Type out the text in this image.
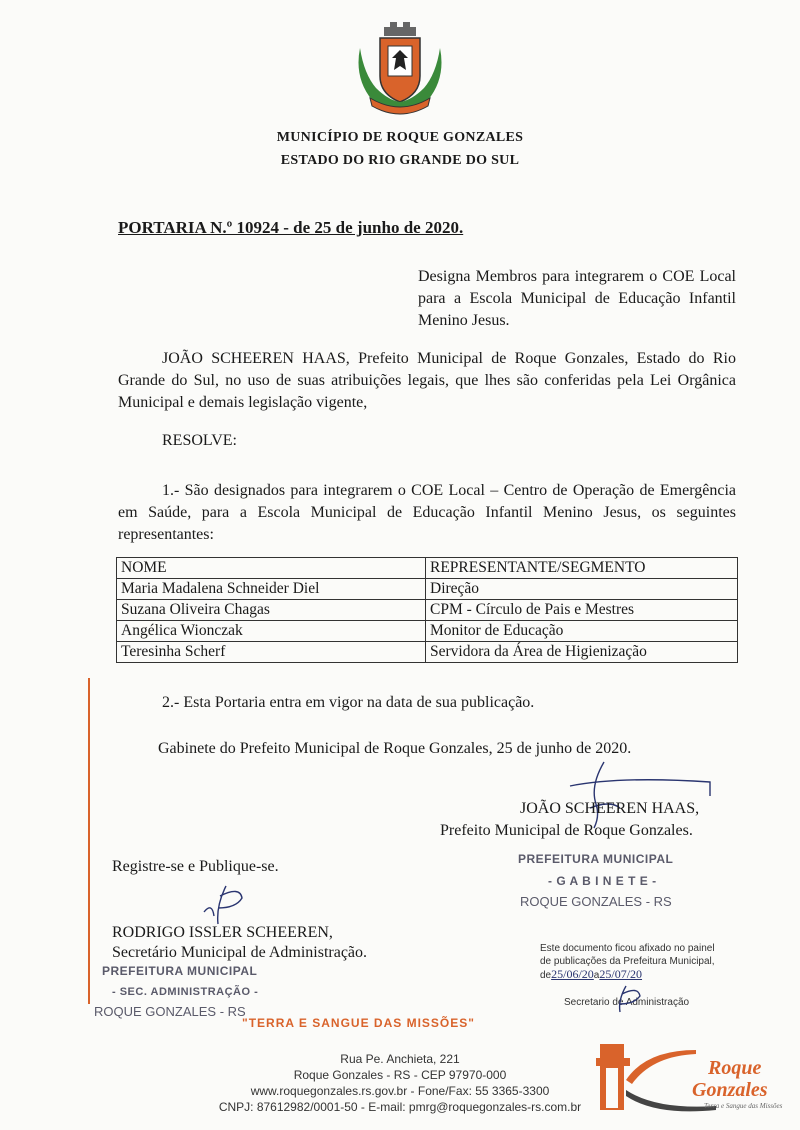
MUNICÍPIO DE ROQUE GONZALES
ESTADO DO RIO GRANDE DO SUL
PORTARIA N.º 10924 - de 25 de junho de 2020.
Designa Membros para integrarem o COE Local para a Escola Municipal de Educação Infantil Menino Jesus.
JOÃO SCHEEREN HAAS, Prefeito Municipal de Roque Gonzales, Estado do Rio Grande do Sul, no uso de suas atribuições legais, que lhes são conferidas pela Lei Orgânica Municipal e demais legislação vigente,
RESOLVE:
1.- São designados para integrarem o COE Local – Centro de Operação de Emergência em Saúde, para a Escola Municipal de Educação Infantil Menino Jesus, os seguintes representantes:
NOME	REPRESENTANTE/SEGMENTO
Maria Madalena Schneider Diel	Direção
Suzana Oliveira Chagas	CPM - Círculo de Pais e Mestres
Angélica Wionczak	Monitor de Educação
Teresinha Scherf	Servidora da Área de Higienização
2.- Esta Portaria entra em vigor na data de sua publicação.
Gabinete do Prefeito Municipal de Roque Gonzales, 25 de junho de 2020.
JOÃO SCHEEREN HAAS,
Prefeito Municipal de Roque Gonzales.
PREFEITURA MUNICIPAL
- G A B I N E T E -
ROQUE GONZALES - RS
Registre-se e Publique-se.
RODRIGO ISSLER SCHEEREN,
Secretário Municipal de Administração.
PREFEITURA MUNICIPAL
- SEC. ADMINISTRAÇÃO -
ROQUE GONZALES - RS
"TERRA E SANGUE DAS MISSÕES"
Este documento ficou afixado no painel
de publicações da Prefeitura Municipal,
de25/06/20a25/07/20
Secretario de Administração
Rua Pe. Anchieta, 221
Roque Gonzales - RS - CEP 97970-000
www.roquegonzales.rs.gov.br - Fone/Fax: 55 3365-3300
CNPJ: 87612982/0001-50 - E-mail: pmrg@roquegonzales-rs.com.br
Roque
Gonzales
Terra e Sangue das Missões
